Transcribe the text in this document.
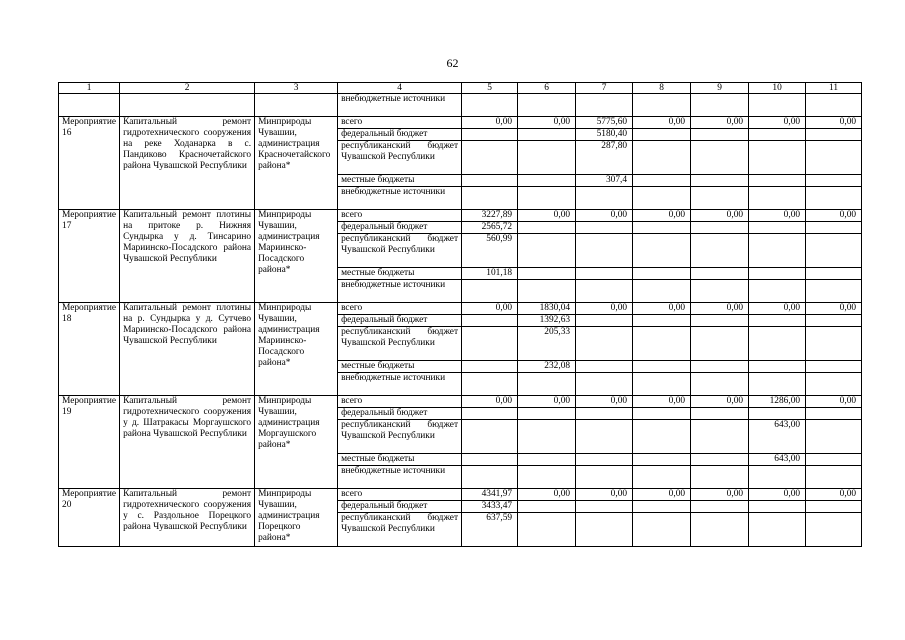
62
1	2	3	4	5	6	7	8	9	10	11
			внебюджетные источники							
Мероприятие 16	Капитальный ремонт гидротехнического сооружения на реке Ходанарка в с. Пандиково Красночетайского района Чувашской Республики	Минприроды Чувашии, администрация Красночетайского района*	всего	0,00	0,00	5775,60	0,00	0,00	0,00	0,00
			федеральный бюджет			5180,40				
			республиканский бюджет Чувашской Республики			287,80				
			местные бюджеты			307,4				
			внебюджетные источники							
Мероприятие 17	Капитальный ремонт плотины на притоке р. Нижняя Сундырка у д. Тинсарино Мариинско-Посадского района Чувашской Республики	Минприроды Чувашии, администрация Мариинско-Посадского района*	всего	3227,89	0,00	0,00	0,00	0,00	0,00	0,00
			федеральный бюджет	2565,72						
			республиканский бюджет Чувашской Республики	560,99						
			местные бюджеты	101,18						
			внебюджетные источники							
Мероприятие 18	Капитальный ремонт плотины на р. Сундырка у д. Сутчево Мариинско-Посадского района Чувашской Республики	Минприроды Чувашии, администрация Мариинско-Посадского района*	всего	0,00	1830,04	0,00	0,00	0,00	0,00	0,00
			федеральный бюджет		1392,63					
			республиканский бюджет Чувашской Республики		205,33					
			местные бюджеты		232,08					
			внебюджетные источники							
Мероприятие 19	Капитальный ремонт гидротехнического сооружения у д. Шатракасы Моргаушского района Чувашской Республики	Минприроды Чувашии, администрация Моргаушского района*	всего	0,00	0,00	0,00	0,00	0,00	1286,00	0,00
			федеральный бюджет							
			республиканский бюджет Чувашской Республики						643,00	
			местные бюджеты						643,00	
			внебюджетные источники							
Мероприятие 20	Капитальный ремонт гидротехнического сооружения у с. Раздольное Порецкого района Чувашской Республики	Минприроды Чувашии, администрация Порецкого района*	всего	4341,97	0,00	0,00	0,00	0,00	0,00	0,00
			федеральный бюджет	3433,47						
			республиканский бюджет Чувашской Республики	637,59						
